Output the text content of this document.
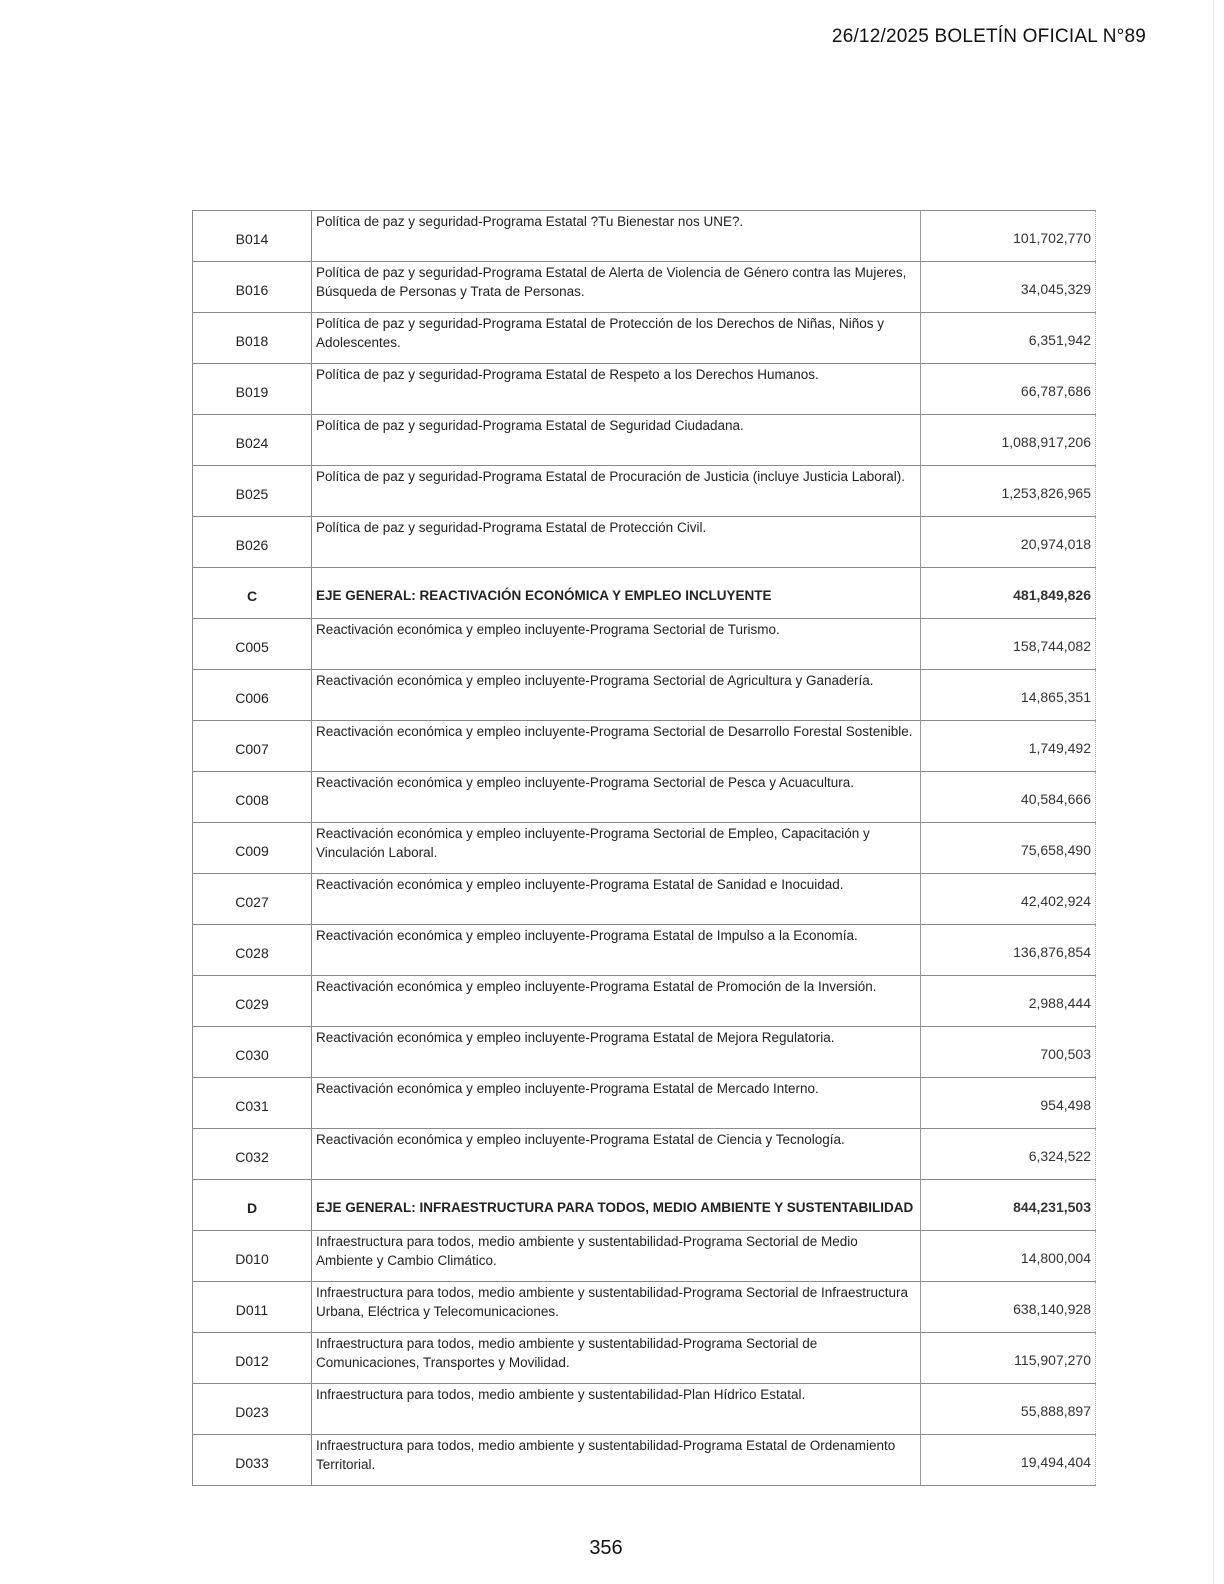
26/12/2025 BOLETÍN OFICIAL N°89
B014	Política de paz y seguridad-Programa Estatal ?Tu Bienestar nos UNE?.	101,702,770
B016	Política de paz y seguridad-Programa Estatal de Alerta de Violencia de Género contra las Mujeres, Búsqueda de Personas y Trata de Personas.	34,045,329
B018	Política de paz y seguridad-Programa Estatal de Protección de los Derechos de Niñas, Niños y Adolescentes.	6,351,942
B019	Política de paz y seguridad-Programa Estatal de Respeto a los Derechos Humanos.	66,787,686
B024	Política de paz y seguridad-Programa Estatal de Seguridad Ciudadana.	1,088,917,206
B025	Política de paz y seguridad-Programa Estatal de Procuración de Justicia (incluye Justicia Laboral).	1,253,826,965
B026	Política de paz y seguridad-Programa Estatal de Protección Civil.	20,974,018
C	EJE GENERAL: REACTIVACIÓN ECONÓMICA Y EMPLEO INCLUYENTE	481,849,826
C005	Reactivación económica y empleo incluyente-Programa Sectorial de Turismo.	158,744,082
C006	Reactivación económica y empleo incluyente-Programa Sectorial de Agricultura y Ganadería.	14,865,351
C007	Reactivación económica y empleo incluyente-Programa Sectorial de Desarrollo Forestal Sostenible.	1,749,492
C008	Reactivación económica y empleo incluyente-Programa Sectorial de Pesca y Acuacultura.	40,584,666
C009	Reactivación económica y empleo incluyente-Programa Sectorial de Empleo, Capacitación y Vinculación Laboral.	75,658,490
C027	Reactivación económica y empleo incluyente-Programa Estatal de Sanidad e Inocuidad.	42,402,924
C028	Reactivación económica y empleo incluyente-Programa Estatal de Impulso a la Economía.	136,876,854
C029	Reactivación económica y empleo incluyente-Programa Estatal de Promoción de la Inversión.	2,988,444
C030	Reactivación económica y empleo incluyente-Programa Estatal de Mejora Regulatoria.	700,503
C031	Reactivación económica y empleo incluyente-Programa Estatal de Mercado Interno.	954,498
C032	Reactivación económica y empleo incluyente-Programa Estatal de Ciencia y Tecnología.	6,324,522
D	EJE GENERAL: INFRAESTRUCTURA PARA TODOS, MEDIO AMBIENTE Y SUSTENTABILIDAD	844,231,503
D010	Infraestructura para todos, medio ambiente y sustentabilidad-Programa Sectorial de Medio Ambiente y Cambio Climático.	14,800,004
D011	Infraestructura para todos, medio ambiente y sustentabilidad-Programa Sectorial de Infraestructura Urbana, Eléctrica y Telecomunicaciones.	638,140,928
D012	Infraestructura para todos, medio ambiente y sustentabilidad-Programa Sectorial de Comunicaciones, Transportes y Movilidad.	115,907,270
D023	Infraestructura para todos, medio ambiente y sustentabilidad-Plan Hídrico Estatal.	55,888,897
D033	Infraestructura para todos, medio ambiente y sustentabilidad-Programa Estatal de Ordenamiento Territorial.	19,494,404
356
